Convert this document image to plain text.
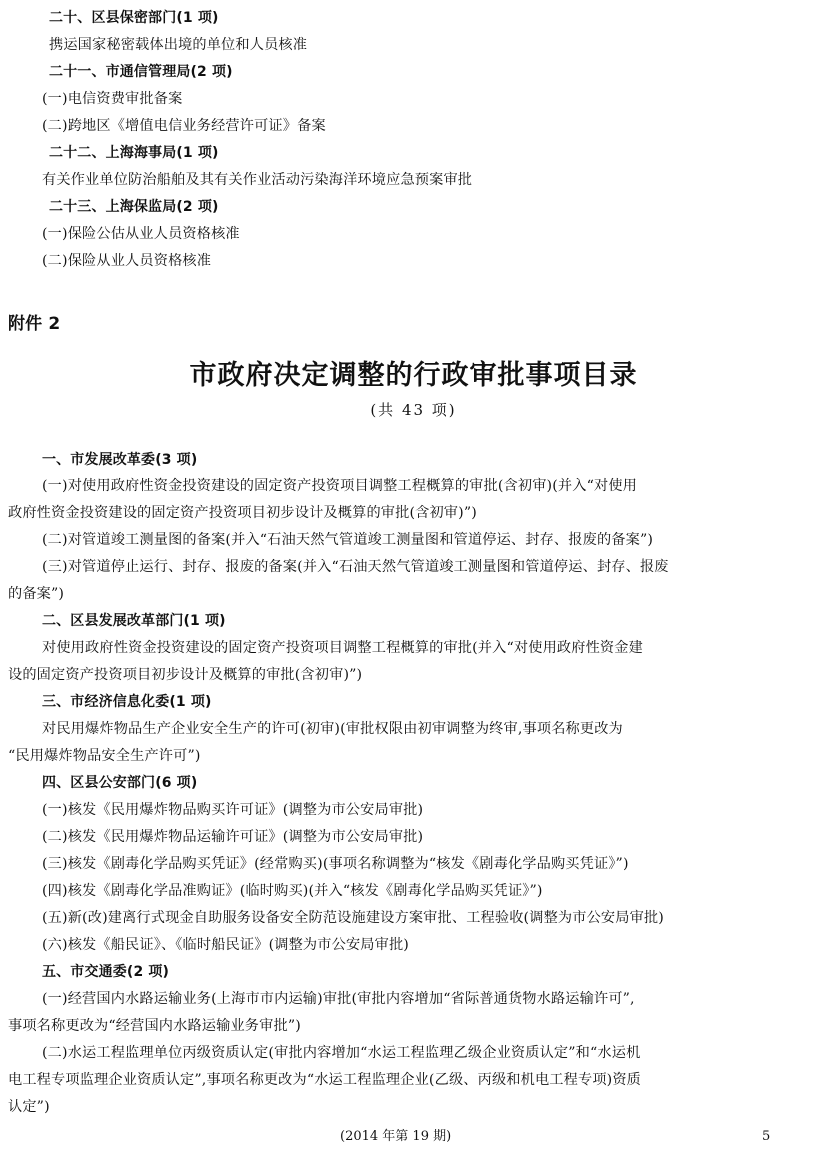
二十、区县保密部门(1 项)
携运国家秘密载体出境的单位和人员核准
二十一、市通信管理局(2 项)
(一)电信资费审批备案
(二)跨地区《增值电信业务经营许可证》备案
二十二、上海海事局(1 项)
有关作业单位防治船舶及其有关作业活动污染海洋环境应急预案审批
二十三、上海保监局(2 项)
(一)保险公估从业人员资格核准
(二)保险从业人员资格核准
附件 2
市政府决定调整的行政审批事项目录
(共 43 项)
一、市发展改革委(3 项)
(一)对使用政府性资金投资建设的固定资产投资项目调整工程概算的审批(含初审)(并入“对使用
政府性资金投资建设的固定资产投资项目初步设计及概算的审批(含初审)”)
(二)对管道竣工测量图的备案(并入“石油天然气管道竣工测量图和管道停运、封存、报废的备案”)
(三)对管道停止运行、封存、报废的备案(并入“石油天然气管道竣工测量图和管道停运、封存、报废
的备案”)
二、区县发展改革部门(1 项)
对使用政府性资金投资建设的固定资产投资项目调整工程概算的审批(并入“对使用政府性资金建
设的固定资产投资项目初步设计及概算的审批(含初审)”)
三、市经济信息化委(1 项)
对民用爆炸物品生产企业安全生产的许可(初审)(审批权限由初审调整为终审,事项名称更改为
“民用爆炸物品安全生产许可”)
四、区县公安部门(6 项)
(一)核发《民用爆炸物品购买许可证》(调整为市公安局审批)
(二)核发《民用爆炸物品运输许可证》(调整为市公安局审批)
(三)核发《剧毒化学品购买凭证》(经常购买)(事项名称调整为“核发《剧毒化学品购买凭证》”)
(四)核发《剧毒化学品准购证》(临时购买)(并入“核发《剧毒化学品购买凭证》”)
(五)新(改)建离行式现金自助服务设备安全防范设施建设方案审批、工程验收(调整为市公安局审批)
(六)核发《船民证》、《临时船民证》(调整为市公安局审批)
五、市交通委(2 项)
(一)经营国内水路运输业务(上海市市内运输)审批(审批内容增加“省际普通货物水路运输许可”,
事项名称更改为“经营国内水路运输业务审批”)
(二)水运工程监理单位丙级资质认定(审批内容增加“水运工程监理乙级企业资质认定”和“水运机
电工程专项监理企业资质认定”,事项名称更改为“水运工程监理企业(乙级、丙级和机电工程专项)资质
认定”)
(2014 年第 19 期)	5
